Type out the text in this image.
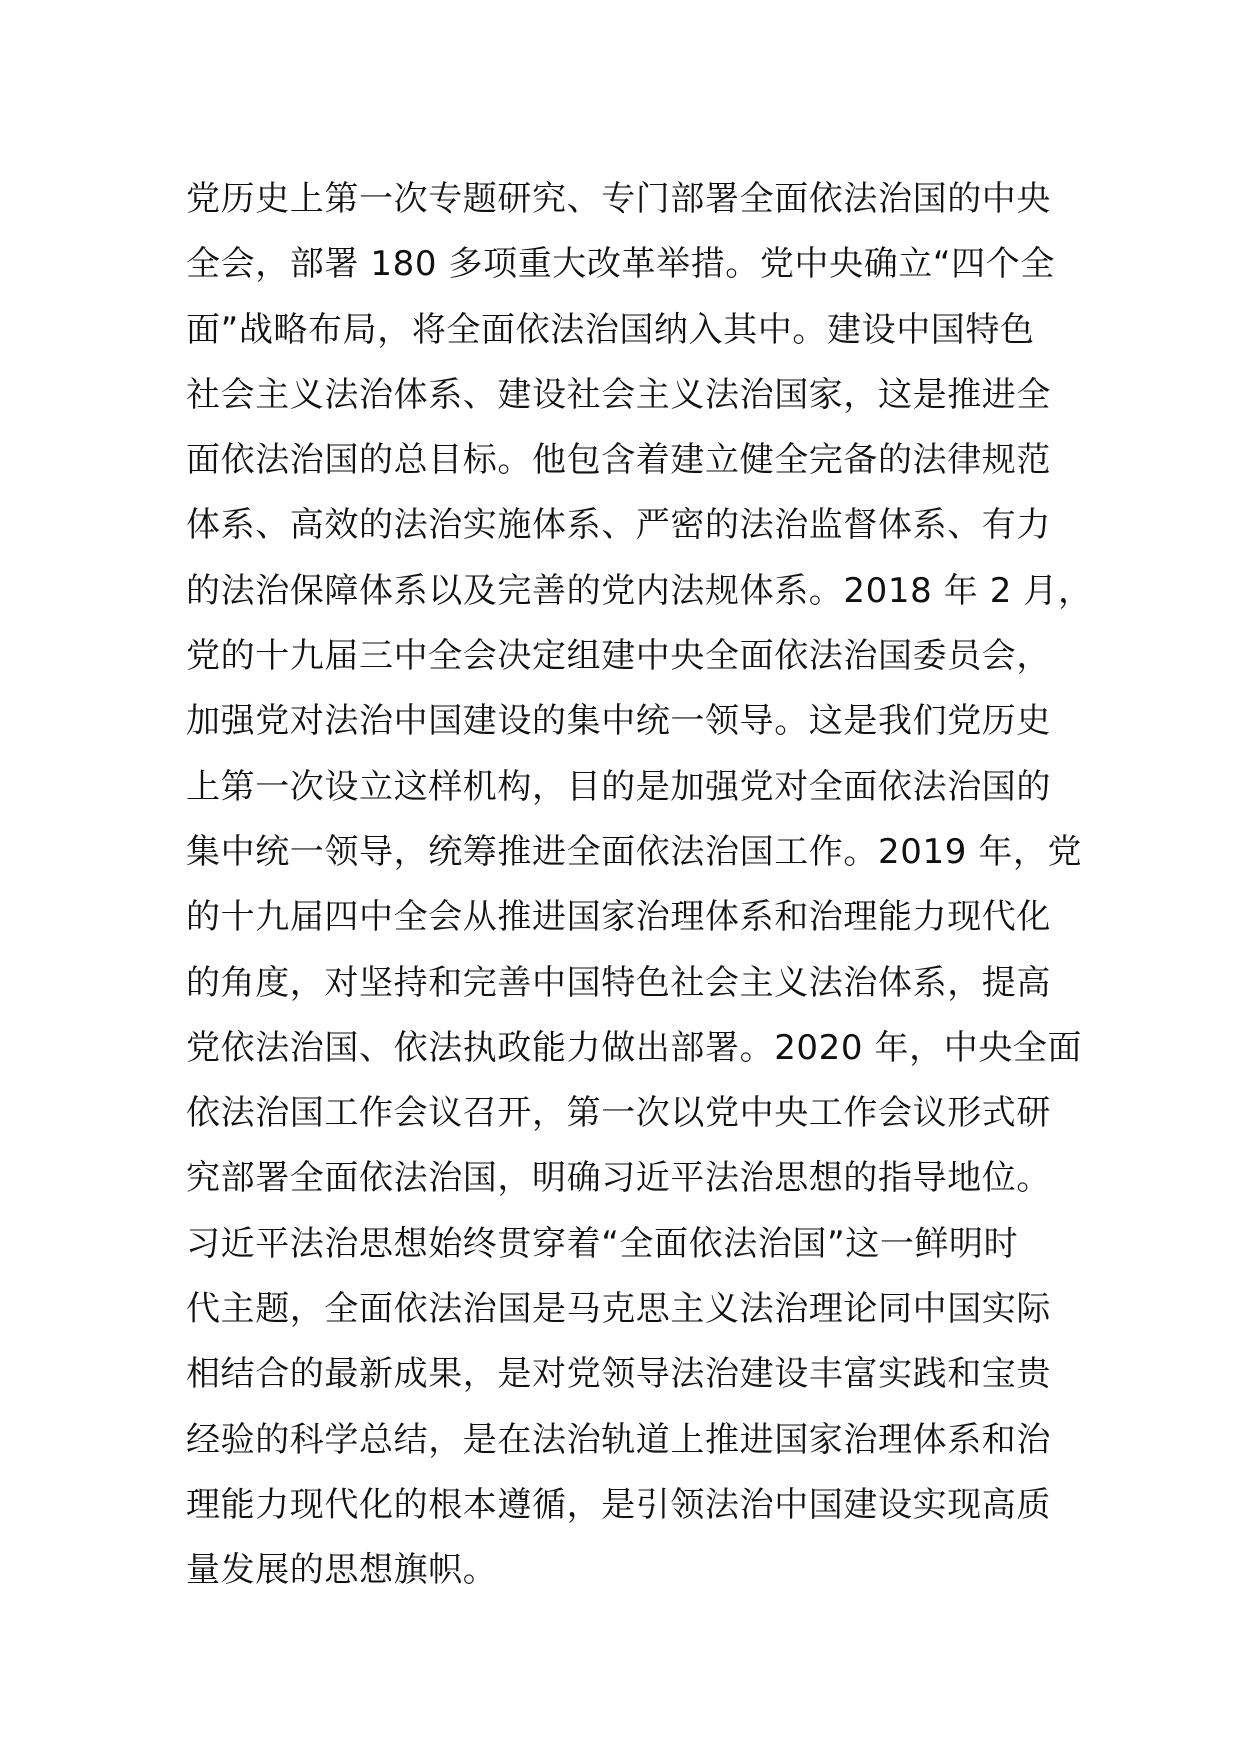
党历史上第一次专题研究、专门部署全面依法治国的中央
全会，部署 180 多项重大改革举措。党中央确立“四个全
面”战略布局，将全面依法治国纳入其中。建设中国特色
社会主义法治体系、建设社会主义法治国家，这是推进全
面依法治国的总目标。他包含着建立健全完备的法律规范
体系、高效的法治实施体系、严密的法治监督体系、有力
的法治保障体系以及完善的党内法规体系。2018 年 2 月，
党的十九届三中全会决定组建中央全面依法治国委员会，
加强党对法治中国建设的集中统一领导。这是我们党历史
上第一次设立这样机构，目的是加强党对全面依法治国的
集中统一领导，统筹推进全面依法治国工作。2019 年，党
的十九届四中全会从推进国家治理体系和治理能力现代化
的角度，对坚持和完善中国特色社会主义法治体系，提高
党依法治国、依法执政能力做出部署。2020 年，中央全面
依法治国工作会议召开，第一次以党中央工作会议形式研
究部署全面依法治国，明确习近平法治思想的指导地位。
习近平法治思想始终贯穿着“全面依法治国”这一鲜明时
代主题，全面依法治国是马克思主义法治理论同中国实际
相结合的最新成果，是对党领导法治建设丰富实践和宝贵
经验的科学总结，是在法治轨道上推进国家治理体系和治
理能力现代化的根本遵循，是引领法治中国建设实现高质
量发展的思想旗帜。
